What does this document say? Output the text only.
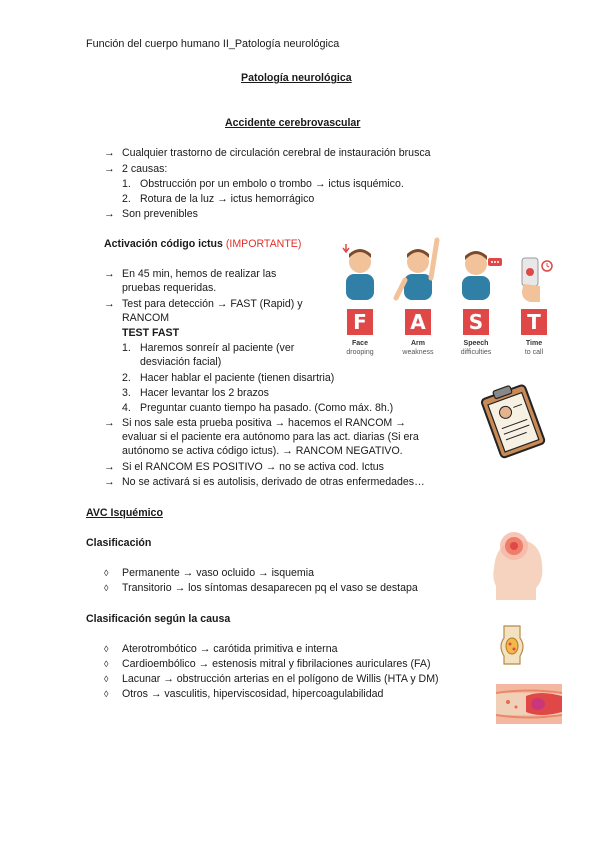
Función del cuerpo humano II_Patología neurológica
Patología neurológica
Accidente cerebrovascular
→ Cualquier trastorno de circulación cerebral de instauración brusca
→ 2 causas:
1. Obstrucción por un embolo o trombo → ictus isquémico.
2. Rotura de la luz → ictus hemorrágico
→ Son prevenibles
Activación código ictus (IMPORTANTE)
→ En 45 min, hemos de realizar las
pruebas requeridas.
→ Test para detección → FAST (Rapid) y
RANCOM
TEST FAST
1. Haremos sonreír al paciente (ver
desviación facial)
2. Hacer hablar el paciente (tienen disartria)
3. Hacer levantar los 2 brazos
4. Preguntar cuanto tiempo ha pasado. (Como máx. 8h.)
→ Si nos sale esta prueba positiva → hacemos el RANCOM →
evaluar si el paciente era autónomo para las act. diarias (Si era
autónomo se activa código ictus). → RANCOM NEGATIVO.
→ Si el RANCOM ES POSITIVO → no se activa cod. Ictus
→ No se activará si es autolisis, derivado de otras enfermedades…
F	A S	T
Face
drooping
Arm
weakness
Speech
difficulties
Time
to call
AVC Isquémico
Clasificación
◊ Permanente → vaso ocluido → isquemia
◊ Transitorio → los síntomas desaparecen pq el vaso se destapa
Clasificación según la causa
◊ Aterotrombótico → carótida primitiva e interna
◊ Cardioembólico → estenosis mitral y fibrilaciones auriculares (FA)
◊ Lacunar → obstrucción arterias en el polígono de Willis (HTA y DM)
◊ Otros → vasculitis, hiperviscosidad, hipercoagulabilidad
